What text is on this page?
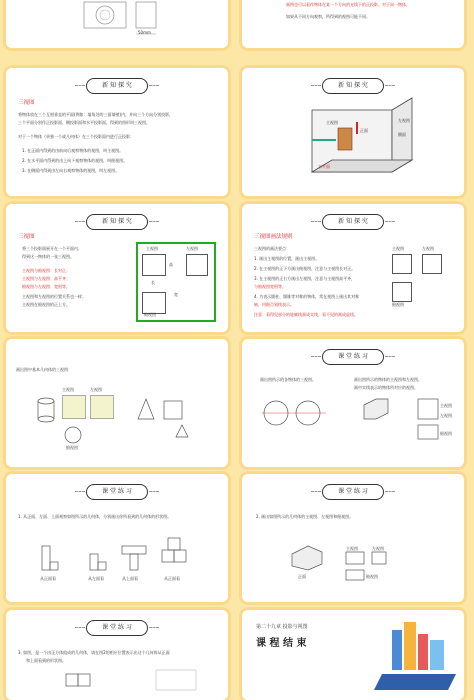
50mm
画图也可以看作物体在某一个方向的光线下的正投影。对于同一物体，
如果从不同方向观察，所得到的视图可能不同。
新 知 探 究
三视图
将物体放在三个互相垂直的平面(例如：墙角处的三面墙壁)内，并向三个方向分别投影，
三个平面分别作正投影面、侧投影面和水平投影面，得到的图形叫三视图。
对于一个物体（单独一个或几何体）在三个投影面内进行正投影：
1. 在正面内得到的由前向后观察物体的视图，叫主视图。
2. 在水平面内得到的由上向下观察物体的视图，叫俯视图。
3. 在侧面内得到由左向右观察物体的视图，叫左视图。
新 知 探 究
主视图	左视图
正面
侧面
水平面
新 知 探 究
三视图
将三个投影面展开在一个平面内，
得到这一物体的一张三视图。
主视图与俯视图：长对正；
主视图与左视图：高平齐；
俯视图与左视图：宽相等。
主视图和左视图的位置关系也一样；
主视图在俯视图的正上方。
主视图	左视图
俯视图
长
高
宽
新 知 探 究
三视图画法规则
三视图的画法要点：
1. 画出主视图的位置，画出主视图。
2. 在主视图的正下方画出俯视图，注意与主视图长对正。
3. 在主视图的正右方画出左视图，注意与主视图高平齐，
与俯视图宽相等。
4. 为表示圆柱、圆锥等对称的物体，常在视图上画出其对称
轴，用细点划线表示。
注意：看得见部分的轮廓线画成实线，看不见的画成虚线。
主视图	左视图
俯视图
画出图中基本几何体的三视图：
主视图	左视图
俯视图
课 堂 练 习
画出图所示的各物体的三视图。	画出图所示的物体的主视图和左视图。
画中实线表示的物体所对应的视图。
主视图
左视图
俯视图
课 堂 练 习
1. 从正面、左面、上面观察如图所示的几何体，分别画出你所看到的几何体的形状图。
从正面看	从左面看	从上面看	从正面看
课 堂 练 习
2. 画出如图所示的几何体的主视图、左视图和俯视图。
正面
主视图	左视图
俯视图
课 堂 练 习
3. 如图，是一个由正方体组成的几何体，请在图2的相应位置表示出这个几何体从正面
和上面看到的形状图。
第二十九章 投影与视图
课 程 结 束
